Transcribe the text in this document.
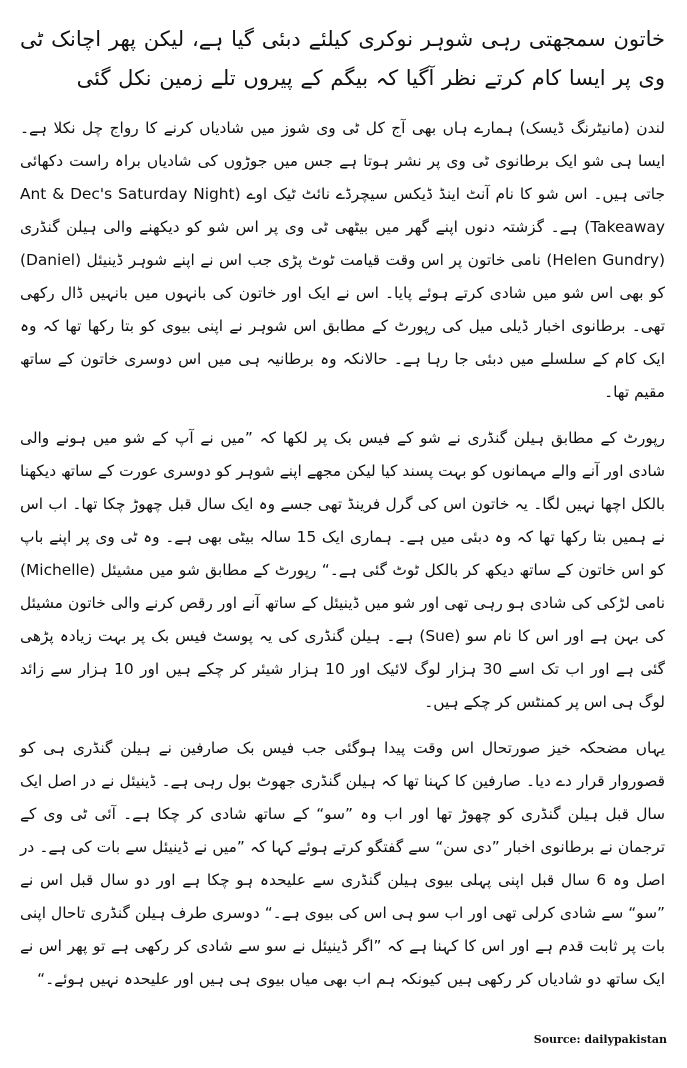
خاتون سمجھتی رہی شوہر نوکری کیلئے دبئی گیا ہے، لیکن پھر اچانک ٹی وی پر ایسا کام کرتے نظر آگیا کہ بیگم کے پیروں تلے زمین نکل گئی

لندن (مانیٹرنگ ڈیسک) ہمارے ہاں بھی آج کل ٹی وی شوز میں شادیاں کرنے کا رواج چل نکلا ہے۔ ایسا ہی شو ایک برطانوی ٹی وی پر نشر ہوتا ہے جس میں جوڑوں کی شادیاں براہ راست دکھائی جاتی ہیں۔ اس شو کا نام آنٹ اینڈ ڈیکس سیچرڈے نائٹ ٹیک اوے (Ant & Dec's Saturday Night Takeaway) ہے۔ گزشتہ دنوں اپنے گھر میں بیٹھی ٹی وی پر اس شو کو دیکھنے والی ہیلن گنڈری (Helen Gundry) نامی خاتون پر اس وقت قیامت ٹوٹ پڑی جب اس نے اپنے شوہر ڈینیئل (Daniel) کو بھی اس شو میں شادی کرتے ہوئے پایا۔ اس نے ایک اور خاتون کی بانہوں میں بانہیں ڈال رکھی تھی۔ برطانوی اخبار ڈیلی میل کی رپورٹ کے مطابق اس شوہر نے اپنی بیوی کو بتا رکھا تھا کہ وہ ایک کام کے سلسلے میں دبئی جا رہا ہے۔ حالانکہ وہ برطانیہ ہی میں اس دوسری خاتون کے ساتھ مقیم تھا۔

رپورٹ کے مطابق ہیلن گنڈری نے شو کے فیس بک پر لکھا کہ ”میں نے آپ کے شو میں ہونے والی شادی اور آنے والے مہمانوں کو بہت پسند کیا لیکن مجھے اپنے شوہر کو دوسری عورت کے ساتھ دیکھنا بالکل اچھا نہیں لگا۔ یہ خاتون اس کی گرل فرینڈ تھی جسے وہ ایک سال قبل چھوڑ چکا تھا۔ اب اس نے ہمیں بتا رکھا تھا کہ وہ دبئی میں ہے۔ ہماری ایک 15 سالہ بیٹی بھی ہے۔ وہ ٹی وی پر اپنے باپ کو اس خاتون کے ساتھ دیکھ کر بالکل ٹوٹ گئی ہے۔“ رپورٹ کے مطابق شو میں مشیئل (Michelle) نامی لڑکی کی شادی ہو رہی تھی اور شو میں ڈینیئل کے ساتھ آنے اور رقص کرنے والی خاتون مشیئل کی بہن ہے اور اس کا نام سو (Sue) ہے۔ ہیلن گنڈری کی یہ پوسٹ فیس بک پر بہت زیادہ پڑھی گئی ہے اور اب تک اسے 30 ہزار لوگ لائیک اور 10 ہزار شیئر کر چکے ہیں اور 10 ہزار سے زائد لوگ ہی اس پر کمنٹس کر چکے ہیں۔

یہاں مضحکہ خیز صورتحال اس وقت پیدا ہوگئی جب فیس بک صارفین نے ہیلن گنڈری ہی کو قصوروار قرار دے دیا۔ صارفین کا کہنا تھا کہ ہیلن گنڈری جھوٹ بول رہی ہے۔ ڈینیئل نے در اصل ایک سال قبل ہیلن گنڈری کو چھوڑ تھا اور اب وہ ”سو“ کے ساتھ شادی کر چکا ہے۔ آئی ٹی وی کے ترجمان نے برطانوی اخبار ”دی سن“ سے گفتگو کرتے ہوئے کہا کہ ”میں نے ڈینیئل سے بات کی ہے۔ در اصل وہ 6 سال قبل اپنی پہلی بیوی ہیلن گنڈری سے علیحدہ ہو چکا ہے اور دو سال قبل اس نے ”سو“ سے شادی کرلی تھی اور اب سو ہی اس کی بیوی ہے۔“ دوسری طرف ہیلن گنڈری تاحال اپنی بات پر ثابت قدم ہے اور اس کا کہنا ہے کہ ”اگر ڈینیئل نے سو سے شادی کر رکھی ہے تو پھر اس نے ایک ساتھ دو شادیاں کر رکھی ہیں کیونکہ ہم اب بھی میاں بیوی ہی ہیں اور علیحدہ نہیں ہوئے۔“

Source: dailypakistan
